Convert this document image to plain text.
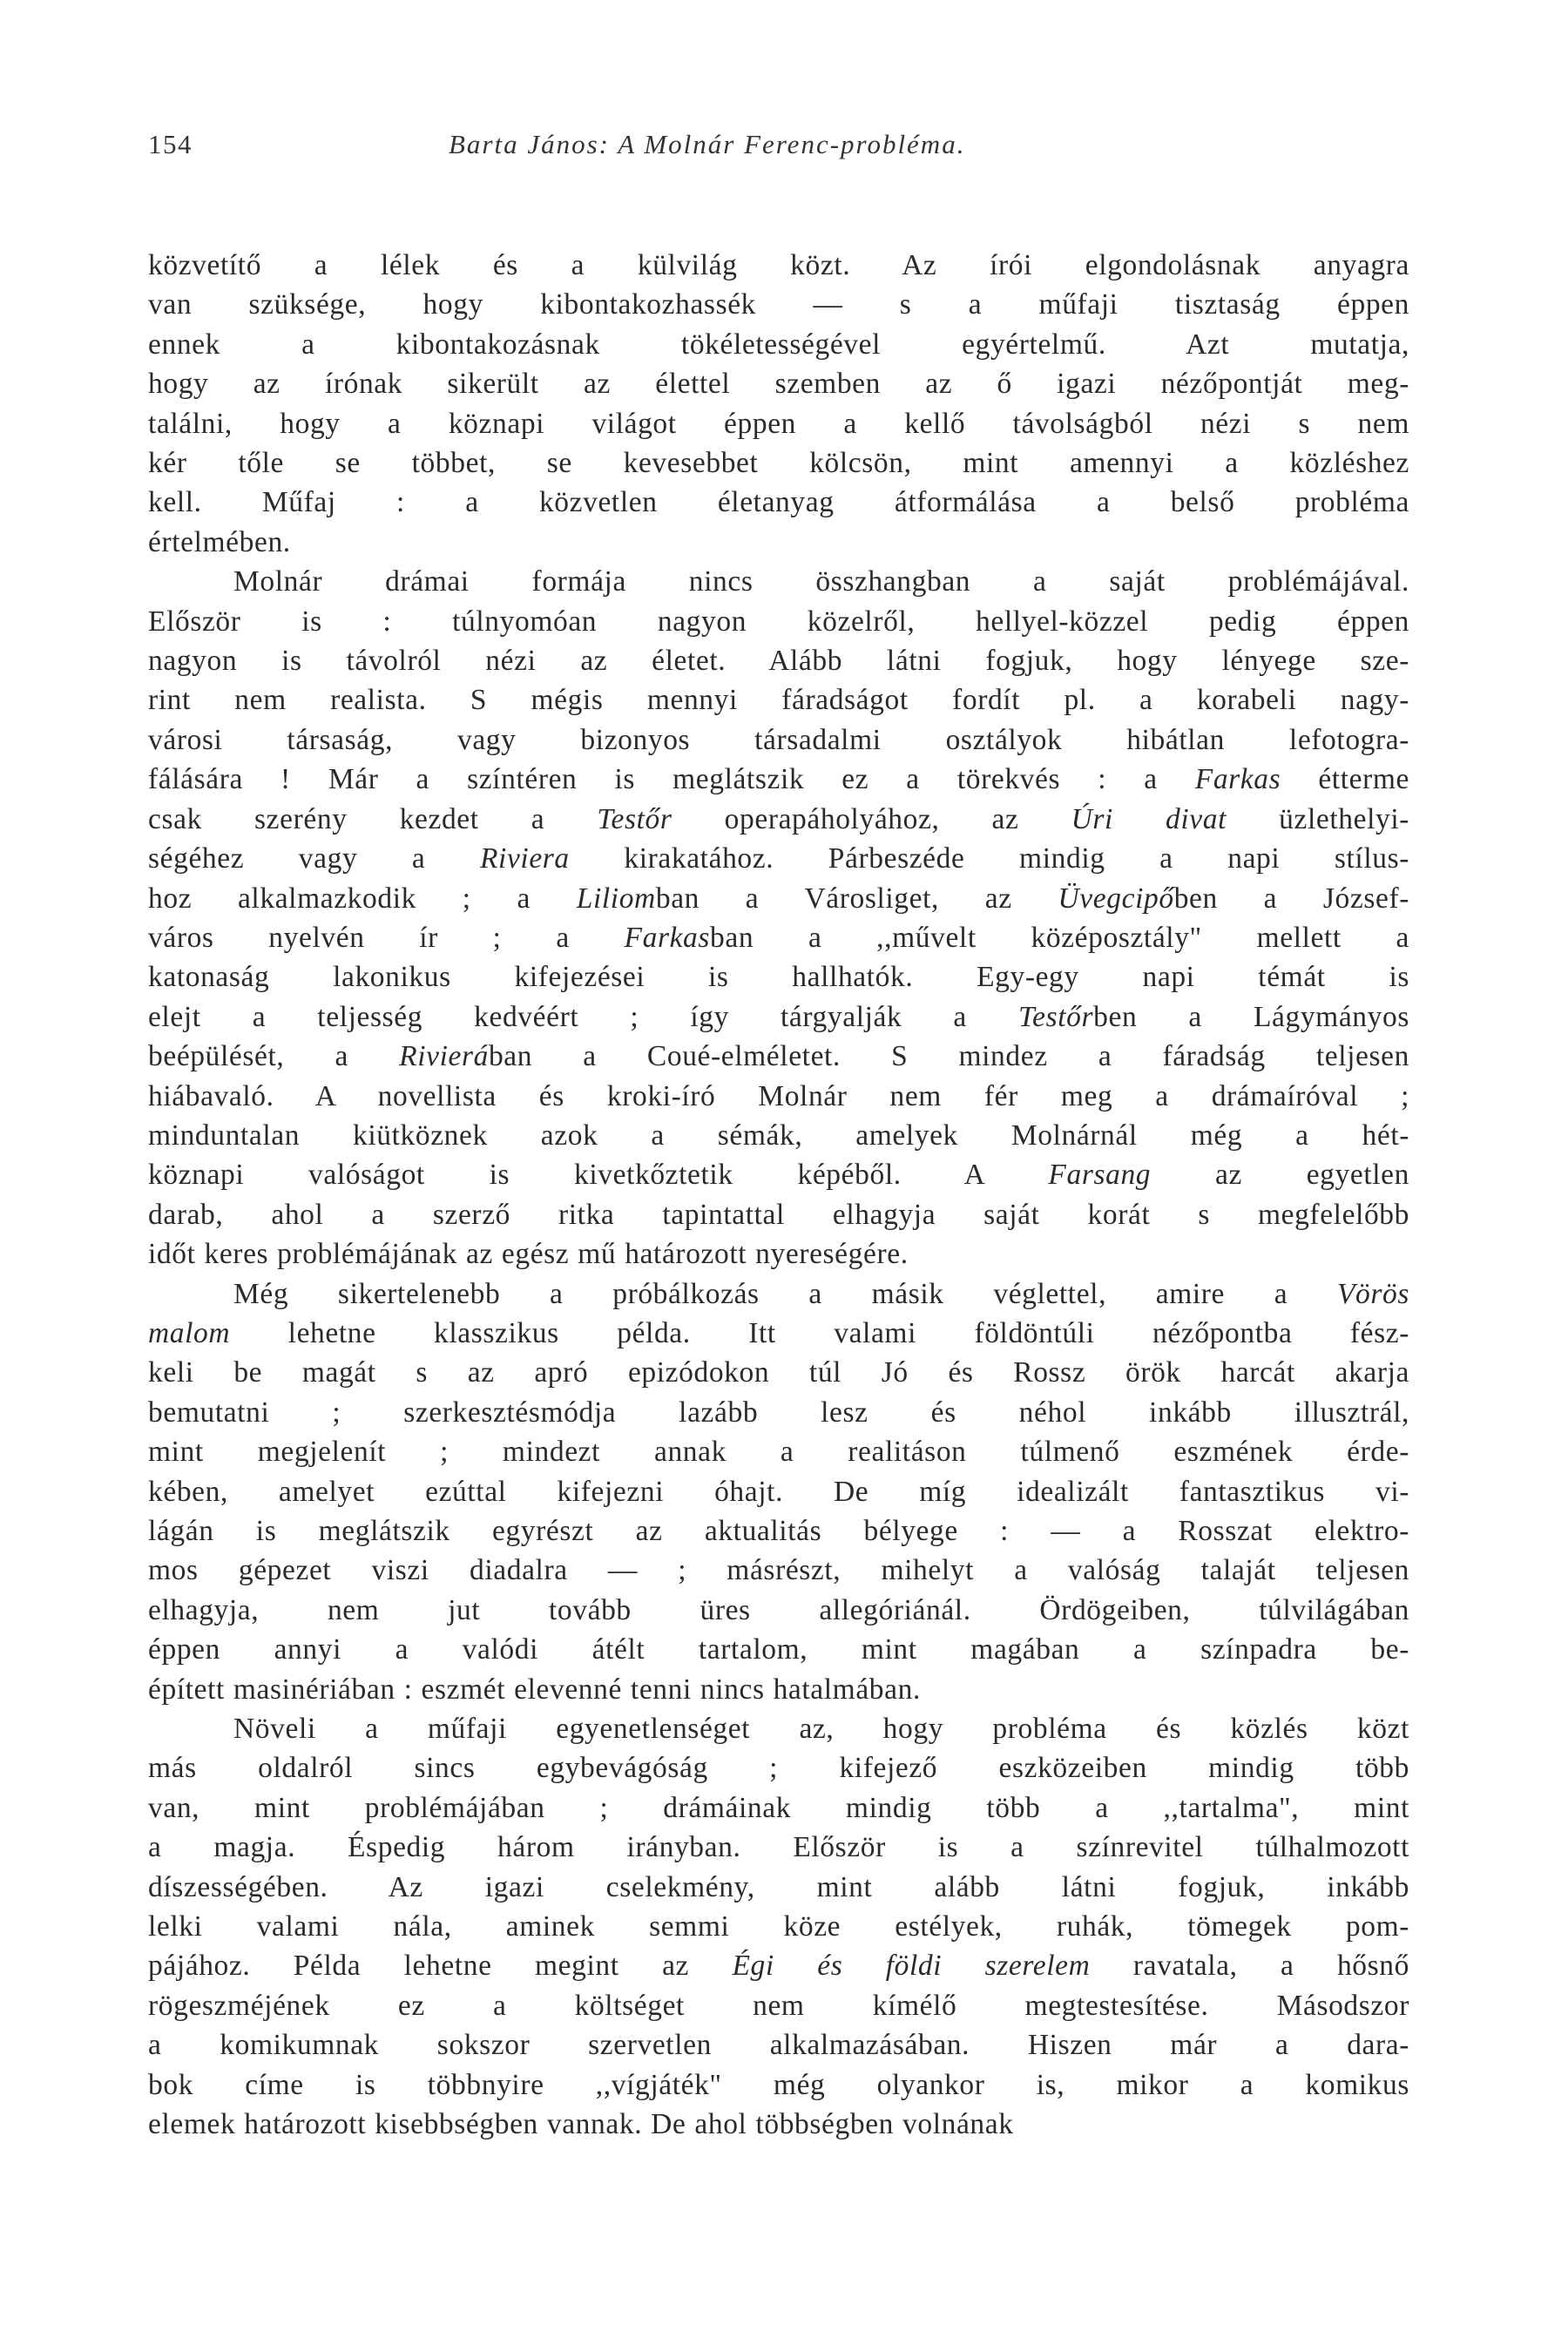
154	Barta János: A Molnár Ferenc-probléma.

közvetítő a lélek és a külvilág közt. Az írói elgondolásnak anyagra
van szüksége, hogy kibontakozhassék — s a műfaji tisztaság éppen
ennek a kibontakozásnak tökéletességével egyértelmű. Azt mutatja,
hogy az írónak sikerült az élettel szemben az ő igazi nézőpontját meg-
találni, hogy a köznapi világot éppen a kellő távolságból nézi s nem
kér tőle se többet, se kevesebbet kölcsön, mint amennyi a közléshez
kell. Műfaj : a közvetlen életanyag átformálása a belső probléma
értelmében.

Molnár drámai formája nincs összhangban a saját problémájával.
Először is : túlnyomóan nagyon közelről, hellyel-közzel pedig éppen
nagyon is távolról nézi az életet. Alább látni fogjuk, hogy lényege sze-
rint nem realista. S mégis mennyi fáradságot fordít pl. a korabeli nagy-
városi társaság, vagy bizonyos társadalmi osztályok hibátlan lefotogra-
fálására ! Már a színtéren is meglátszik ez a törekvés : a Farkas étterme
csak szerény kezdet a Testőr operapáholyához, az Úri divat üzlethelyi-
ségéhez vagy a Riviera kirakatához. Párbeszéde mindig a napi stílus-
hoz alkalmazkodik ; a Liliomban a Városliget, az Üvegcipőben a József-
város nyelvén ír ; a Farkasban a ,,művelt középosztály" mellett a
katonaság lakonikus kifejezései is hallhatók. Egy-egy napi témát is
elejt a teljesség kedvéért ; így tárgyalják a Testőrben a Lágymányos
beépülését, a Rivierában a Coué-elméletet. S mindez a fáradság teljesen
hiábavaló. A novellista és kroki-író Molnár nem fér meg a drámaíróval ;
minduntalan kiütköznek azok a sémák, amelyek Molnárnál még a hét-
köznapi valóságot is kivetkőztetik képéből. A Farsang az egyetlen
darab, ahol a szerző ritka tapintattal elhagyja saját korát s megfelelőbb
időt keres problémájának az egész mű határozott nyereségére.

Még sikertelenebb a próbálkozás a másik véglettel, amire a Vörös
malom lehetne klasszikus példa. Itt valami földöntúli nézőpontba fész-
keli be magát s az apró epizódokon túl Jó és Rossz örök harcát akarja
bemutatni ; szerkesztésmódja lazább lesz és néhol inkább illusztrál,
mint megjelenít ; mindezt annak a realitáson túlmenő eszmének érde-
kében, amelyet ezúttal kifejezni óhajt. De míg idealizált fantasztikus vi-
lágán is meglátszik egyrészt az aktualitás bélyege : — a Rosszat elektro-
mos gépezet viszi diadalra — ; másrészt, mihelyt a valóság talaját teljesen
elhagyja, nem jut tovább üres allegóriánál. Ördögeiben, túlvilágában
éppen annyi a valódi átélt tartalom, mint magában a színpadra be-
épített masinériában : eszmét elevenné tenni nincs hatalmában.

Növeli a műfaji egyenetlenséget az, hogy probléma és közlés közt
más oldalról sincs egybevágóság ; kifejező eszközeiben mindig több
van, mint problémájában ; drámáinak mindig több a ,,tartalma", mint
a magja. Éspedig három irányban. Először is a színrevitel túlhalmozott
díszességében. Az igazi cselekmény, mint alább látni fogjuk, inkább
lelki valami nála, aminek semmi köze estélyek, ruhák, tömegek pom-
pájához. Példa lehetne megint az Égi és földi szerelem ravatala, a hősnő
rögeszméjének ez a költséget nem kímélő megtestesítése. Másodszor
a komikumnak sokszor szervetlen alkalmazásában. Hiszen már a dara-
bok címe is többnyire ,,vígjáték" még olyankor is, mikor a komikus
elemek határozott kisebbségben vannak. De ahol többségben volnának
